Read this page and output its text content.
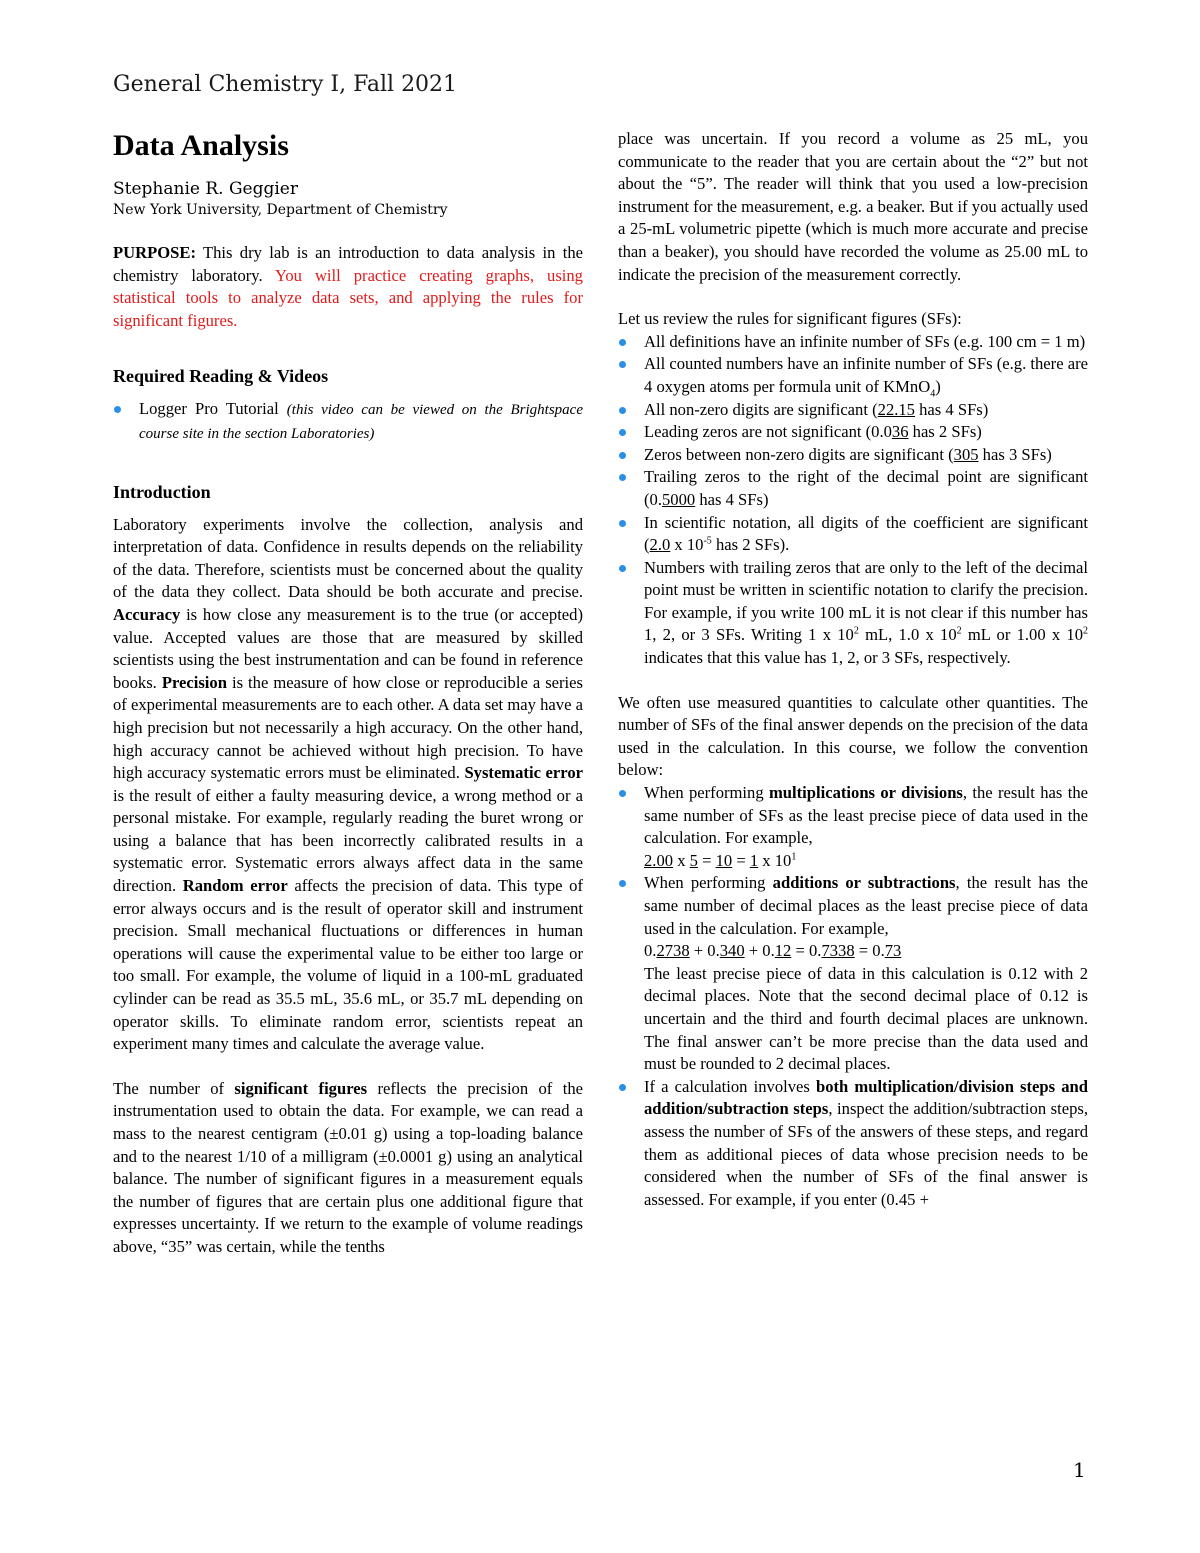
General Chemistry I, Fall 2021
Data Analysis
Stephanie R. Geggier
New York University, Department of Chemistry

PURPOSE: This dry lab is an introduction to data analysis in the chemistry laboratory. You will practice creating graphs, using statistical tools to analyze data sets, and applying the rules for significant figures.

Required Reading & Videos
Logger Pro Tutorial (this video can be viewed on the Brightspace course site in the section Laboratories)
Introduction

Laboratory experiments involve the collection, analysis and interpretation of data. Confidence in results depends on the reliability of the data. Therefore, scientists must be concerned about the quality of the data they collect. Data should be both accurate and precise. Accuracy is how close any measurement is to the true (or accepted) value. Accepted values are those that are measured by skilled scientists using the best instrumentation and can be found in reference books. Precision is the measure of how close or reproducible a series of experimental measurements are to each other. A data set may have a high precision but not necessarily a high accuracy. On the other hand, high accuracy cannot be achieved without high precision. To have high accuracy systematic errors must be eliminated. Systematic error is the result of either a faulty measuring device, a wrong method or a personal mistake. For example, regularly reading the buret wrong or using a balance that has been incorrectly calibrated results in a systematic error. Systematic errors always affect data in the same direction. Random error affects the precision of data. This type of error always occurs and is the result of operator skill and instrument precision. Small mechanical fluctuations or differences in human operations will cause the experimental value to be either too large or too small. For example, the volume of liquid in a 100-mL graduated cylinder can be read as 35.5 mL, 35.6 mL, or 35.7 mL depending on operator skills. To eliminate random error, scientists repeat an experiment many times and calculate the average value.

The number of significant figures reflects the precision of the instrumentation used to obtain the data. For example, we can read a mass to the nearest centigram (±0.01 g) using a top-loading balance and to the nearest 1/10 of a milligram (±0.0001 g) using an analytical balance. The number of significant figures in a measurement equals the number of figures that are certain plus one additional figure that expresses uncertainty. If we return to the example of volume readings above, “35” was certain, while the tenths

place was uncertain. If you record a volume as 25 mL, you communicate to the reader that you are certain about the “2” but not about the “5”. The reader will think that you used a low-precision instrument for the measurement, e.g. a beaker. But if you actually used a 25-mL volumetric pipette (which is much more accurate and precise than a beaker), you should have recorded the volume as 25.00 mL to indicate the precision of the measurement correctly.

Let us review the rules for significant figures (SFs):

All definitions have an infinite number of SFs (e.g. 100 cm = 1 m)
All counted numbers have an infinite number of SFs (e.g. there are 4 oxygen atoms per formula unit of KMnO$_4$)
All non-zero digits are significant (22.15 has 4 SFs)
Leading zeros are not significant (0.036 has 2 SFs)
Zeros between non-zero digits are significant (305 has 3 SFs)
Trailing zeros to the right of the decimal point are significant (0.5000 has 4 SFs)
In scientific notation, all digits of the coefficient are significant (2.0 x $10^{-5}$ has 2 SFs).
Numbers with trailing zeros that are only to the left of the decimal point must be written in scientific notation to clarify the precision. For example, if you write 100 mL it is not clear if this number has 1, 2, or 3 SFs. Writing 1 x $10^2$ mL, 1.0 x $10^2$ mL or 1.00 x $10^2$ indicates that this value has 1, 2, or 3 SFs, respectively.

We often use measured quantities to calculate other quantities. The number of SFs of the final answer depends on the precision of the data used in the calculation. In this course, we follow the convention below:

When performing multiplications or divisions, the result has the same number of SFs as the least precise piece of data used in the calculation. For example,
2.00 x 5 = 10 = 1 x $10^1$
When performing additions or subtractions, the result has the same number of decimal places as the least precise piece of data used in the calculation. For example,
0.2738 + 0.340 + 0.12 = 0.7338 = 0.73
The least precise piece of data in this calculation is 0.12 with 2 decimal places. Note that the second decimal place of 0.12 is uncertain and the third and fourth decimal places are unknown. The final answer can’t be more precise than the data used and must be rounded to 2 decimal places.
If a calculation involves both multiplication/division steps and addition/subtraction steps, inspect the addition/subtraction steps, assess the number of SFs of the answers of these steps, and regard them as additional pieces of data whose precision needs to be considered when the number of SFs of the final answer is assessed. For example, if you enter (0.45 +
1
